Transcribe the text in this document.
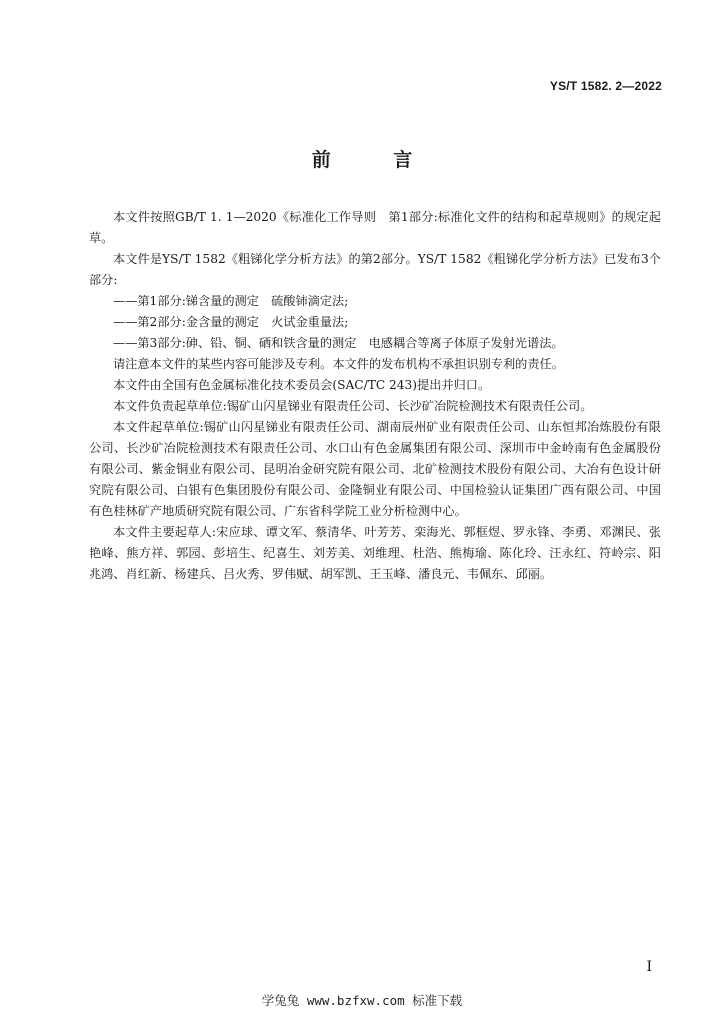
YS/T 1582. 2—2022
前 言

本文件按照GB/T 1. 1—2020《标准化工作导则　第1部分:标准化文件的结构和起草规则》的规定起草。

本文件是YS/T 1582《粗锑化学分析方法》的第2部分。YS/T 1582《粗锑化学分析方法》已发布3个部分:

——第1部分:锑含量的测定　硫酸铈滴定法;

——第2部分:金含量的测定　火试金重量法;

——第3部分:砷、铅、铜、硒和铁含量的测定　电感耦合等离子体原子发射光谱法。

请注意本文件的某些内容可能涉及专利。本文件的发布机构不承担识别专利的责任。

本文件由全国有色金属标准化技术委员会(SAC/TC 243)提出并归口。

本文件负责起草单位:锡矿山闪星锑业有限责任公司、长沙矿冶院检测技术有限责任公司。

本文件起草单位:锡矿山闪星锑业有限责任公司、湖南辰州矿业有限责任公司、山东恒邦冶炼股份有限公司、长沙矿冶院检测技术有限责任公司、水口山有色金属集团有限公司、深圳市中金岭南有色金属股份有限公司、紫金铜业有限公司、昆明冶金研究院有限公司、北矿检测技术股份有限公司、大冶有色设计研究院有限公司、白银有色集团股份有限公司、金隆铜业有限公司、中国检验认证集团广西有限公司、中国有色桂林矿产地质研究院有限公司、广东省科学院工业分析检测中心。

本文件主要起草人:宋应球、谭文军、蔡清华、叶芳芳、栾海光、郭框煜、罗永锋、李勇、邓渊民、张艳峰、熊方祥、郭园、彭培生、纪喜生、刘芳美、刘维理、杜浩、熊梅瑜、陈化玲、汪永红、符岭宗、阳兆鸿、肖红新、杨建兵、吕火秀、罗伟赋、胡军凯、王玉峰、潘良元、韦佩东、邱丽。

I
学兔兔 www.bzfxw.com 标准下载
